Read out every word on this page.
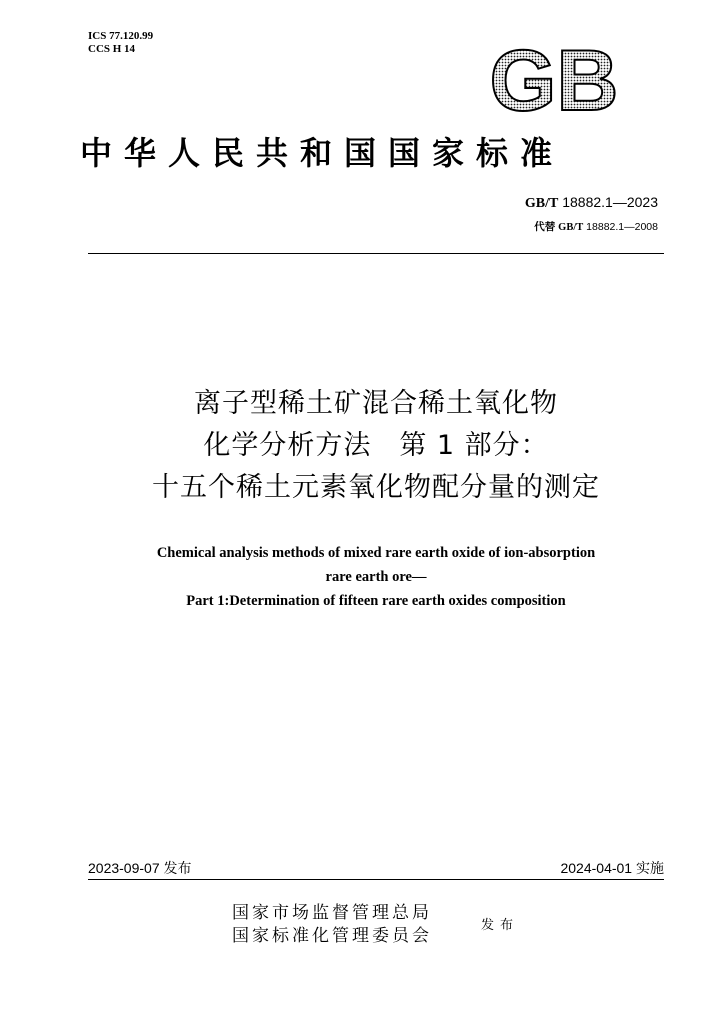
ICS 77.120.99
CCS H 14	GB
中华人民共和国国家标准
GB/T 18882.1—2023
代替 GB/T 18882.1—2008
离子型稀土矿混合稀土氧化物
化学分析方法　第 1 部分：
十五个稀土元素氧化物配分量的测定
Chemical analysis methods of mixed rare earth oxide of ion-absorption
rare earth ore—
Part 1:Determination of fifteen rare earth oxides composition
2023-09-07 发布	2024-04-01 实施
国家市场监督管理总局
国家标准化管理委员会
发布
